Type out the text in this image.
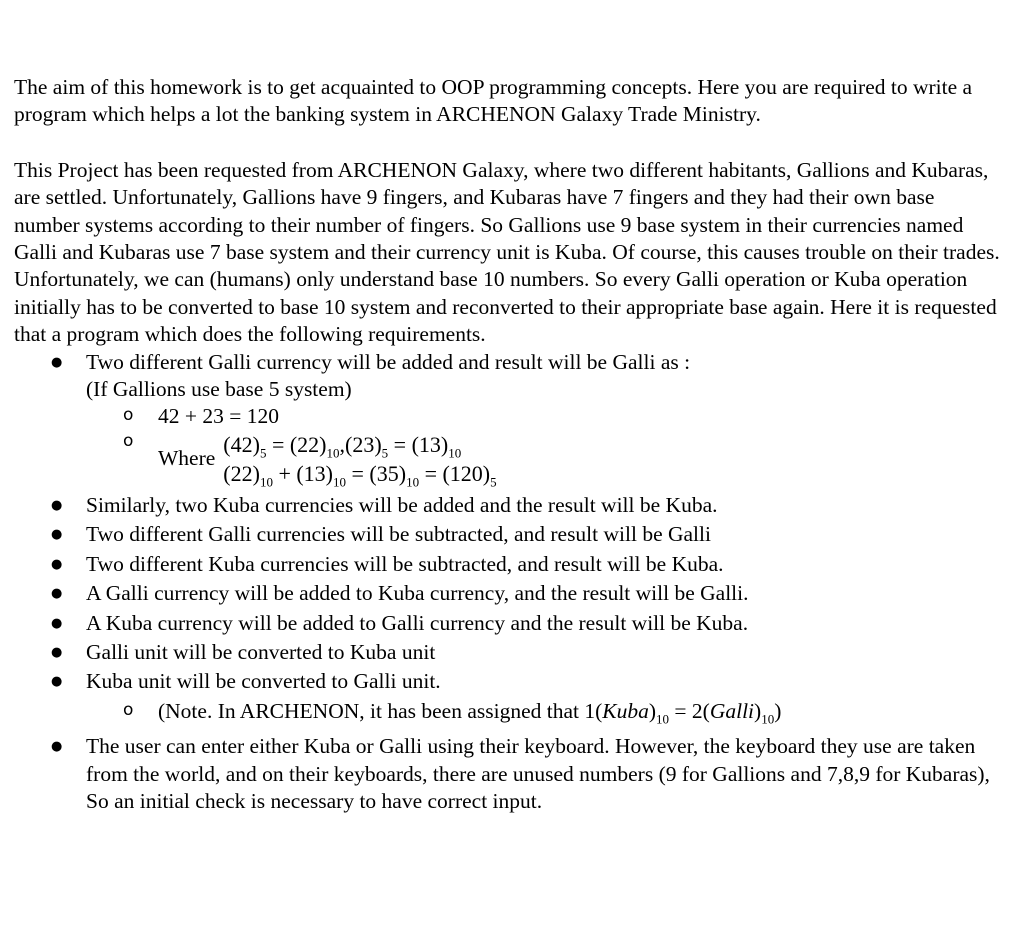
The aim of this homework is to get acquainted to OOP programming concepts. Here you are required to write a program which helps a lot the banking system in ARCHENON Galaxy Trade Ministry.

This Project has been requested from ARCHENON Galaxy, where two different habitants, Gallions and Kubaras, are settled. Unfortunately, Gallions have 9 fingers, and Kubaras have 7 fingers and they had their own base number systems according to their number of fingers. So Gallions use 9 base system in their currencies named Galli and Kubaras use 7 base system and their currency unit is Kuba. Of course, this causes trouble on their trades. Unfortunately, we can (humans) only understand base 10 numbers. So every Galli operation or Kuba operation initially has to be converted to base 10 system and reconverted to their appropriate base again. Here it is requested that a program which does the following requirements.

● Two different Galli currency will be added and result will be Galli as :
(If Gallions use base 5 system)
o 42 + 23 = 120
o Where
$(42)_5 = (22)_{10},(23)_5 = (13)_{10}$
$(22)_{10} + (13)_{10} = (35)_{10} = (120)_5$
● Similarly, two Kuba currencies will be added and the result will be Kuba.
● Two different Galli currencies will be subtracted, and result will be Galli
● Two different Kuba currencies will be subtracted, and result will be Kuba.
● A Galli currency will be added to Kuba currency, and the result will be Galli.
● A Kuba currency will be added to Galli currency and the result will be Kuba.
● Galli unit will be converted to Kuba unit
● Kuba unit will be converted to Galli unit.
o (Note. In ARCHENON, it has been assigned that $1(Kuba)_{10}$ = $2(Galli)_{10}$)
● The user can enter either Kuba or Galli using their keyboard. However, the keyboard they use are taken from the world, and on their keyboards, there are unused numbers (9 for Gallions and 7,8,9 for Kubaras), So an initial check is necessary to have correct input.
